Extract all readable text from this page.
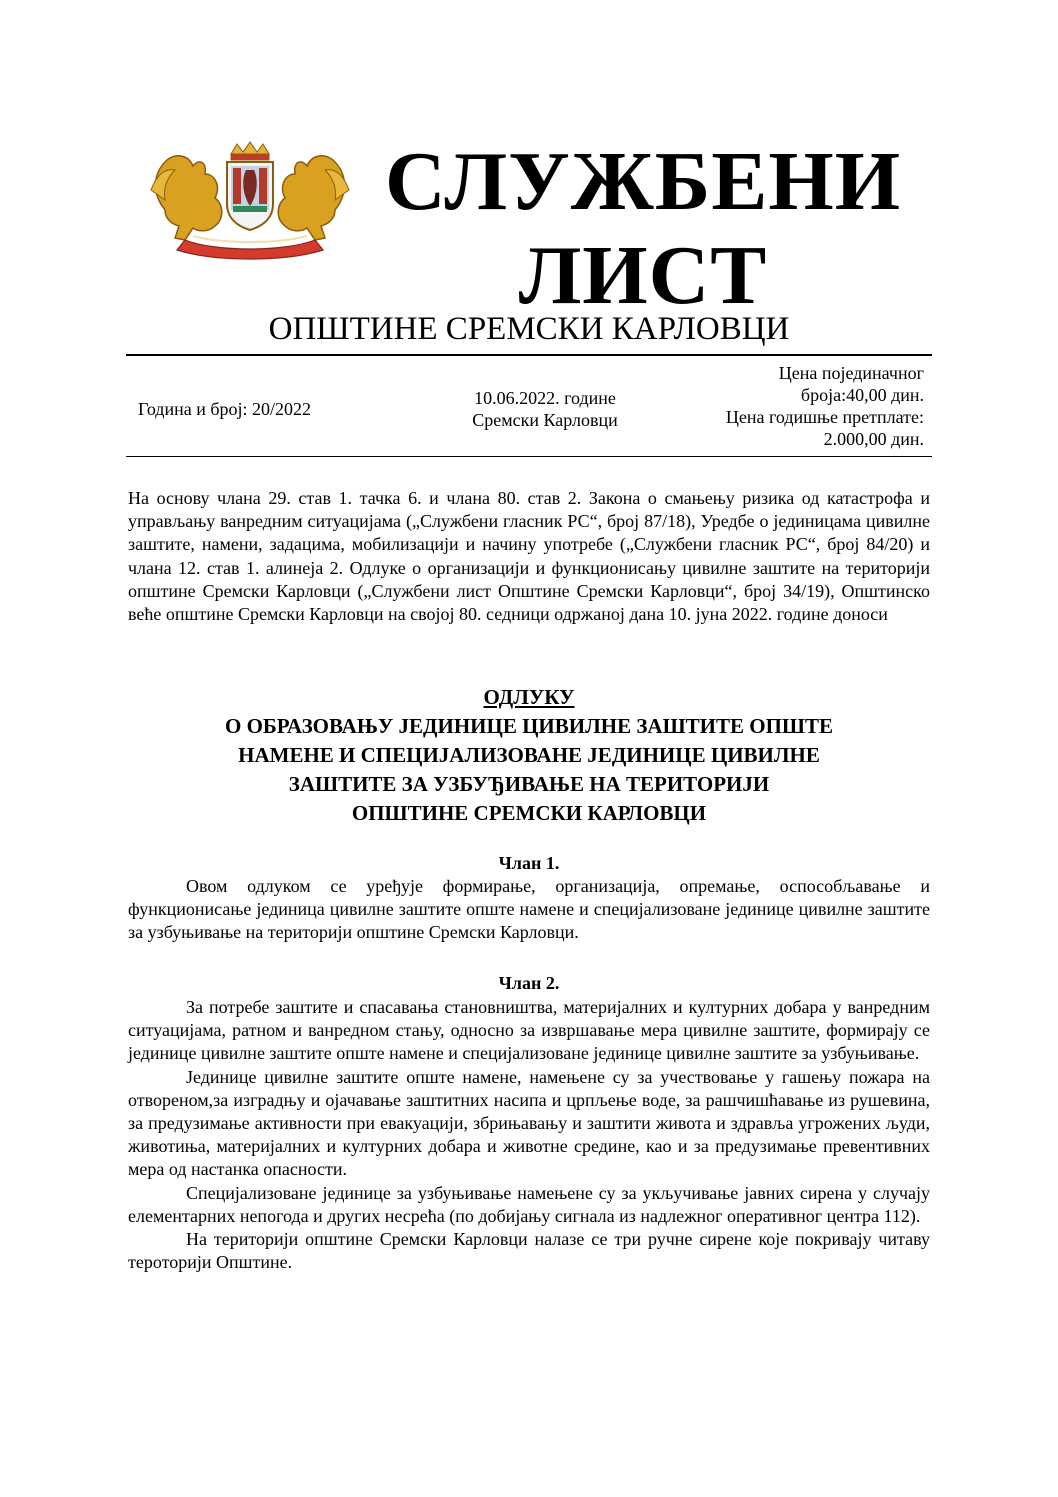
СЛУЖБЕНИ
ЛИСТ
ОПШТИНЕ СРЕМСКИ КАРЛОВЦИ
Година и број: 20/2022
10.06.2022. године
Сремски Карловци
Цена појединачног
броја:40,00 дин.
Цена годишње претплате:
2.000,00 дин.
На основу члана 29. став 1. тачка 6. и члана 80. став 2. Закона о смањењу ризика од катастрофа и управљању ванредним ситуацијама („Службени гласник РС“, број 87/18), Уредбе о јединицама цивилне заштите, намени, задацима, мобилизацији и начину употребе („Службени гласник РС“, број 84/20) и члана 12. став 1. алинеја 2. Одлуке о организацији и функционисању цивилне заштите на територији општине Сремски Карловци („Службени лист Општине Сремски Карловци“, број 34/19), Општинско веће општине Сремски Карловци на својој 80. седници одржаној дана 10. јуна 2022. године доноси
ОДЛУКУ
О ОБРАЗОВАЊУ ЈЕДИНИЦЕ ЦИВИЛНЕ ЗАШТИТЕ ОПШТЕ
НАМЕНЕ И СПЕЦИЈАЛИЗОВАНЕ ЈЕДИНИЦЕ ЦИВИЛНЕ
ЗАШТИТЕ ЗА УЗБУЂИВАЊЕ НА ТЕРИТОРИЈИ
ОПШТИНЕ СРЕМСКИ КАРЛОВЦИ
Члан 1.

Овом одлуком се уређује формирање, организација, опремање, оспособљавање и функционисање јединица цивилне заштите опште намене и специјализоване јединице цивилне заштите за узбуњивање на територији општине Сремски Карловци.

Члан 2.

За потребе заштите и спасавања становништва, материјалних и културних добара у ванредним ситуацијама, ратном и ванредном стању, односно за извршавање мера цивилне заштите, формирају се јединице цивилне заштите опште намене и специјализоване јединице цивилне заштите за узбуњивање.

Јединице цивилне заштите опште намене, намењене су за учествовање у гашењу пожара на отвореном,за изградњу и ојачавање заштитних насипа и црпљење воде, за рашчишћавање из рушевина, за предузимање активности при евакуацији, збрињавању и заштити живота и здравља угрожених људи, животиња, материјалних и културних добара и животне средине, као и за предузимање превентивних мера од настанка опасности.

Специјализоване јединице за узбуњивање намењене су за укључивање јавних сирена у случају елементарних непогода и других несрећа (по добијању сигнала из надлежног оперативног центра 112).

На територији општине Сремски Карловци налазе се три ручне сирене које покривају читаву тероторији Општине.
